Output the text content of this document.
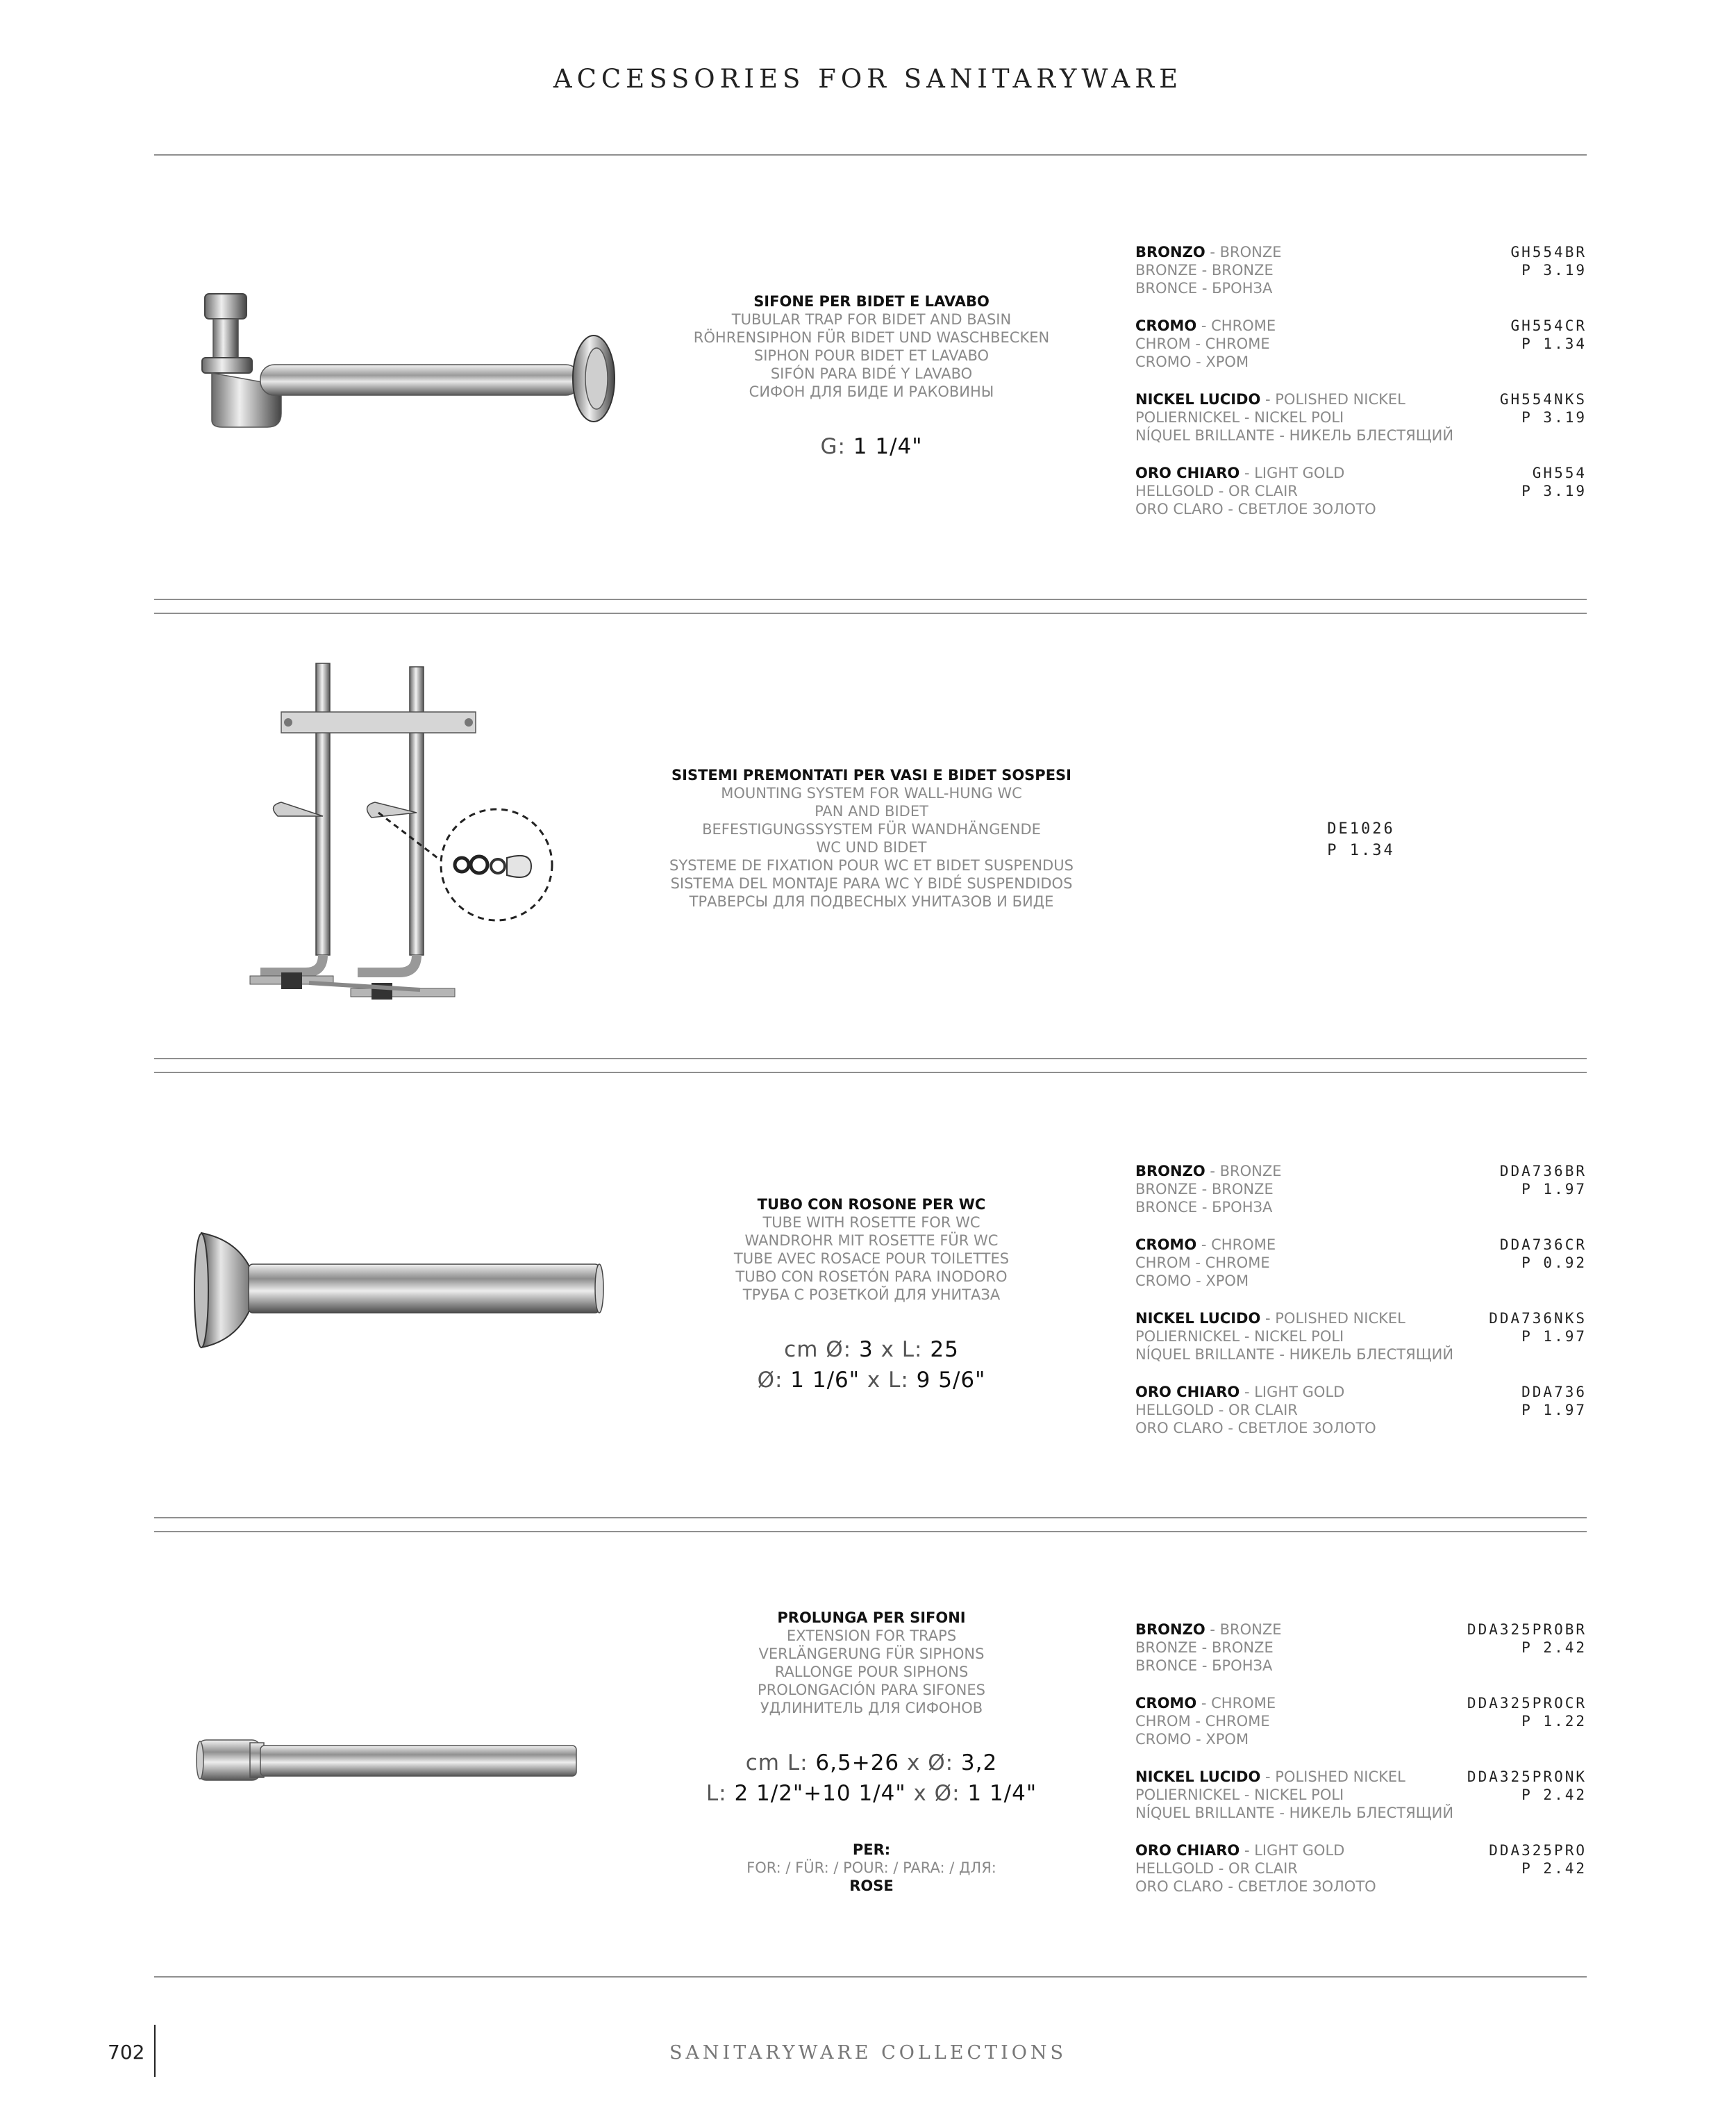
ACCESSORIES FOR SANITARYWARE
SIFONE PER BIDET E LAVABO
TUBULAR TRAP FOR BIDET AND BASIN
RÖHRENSIPHON FÜR BIDET UND WASCHBECKEN
SIPHON POUR BIDET ET LAVABO
SIFÓN PARA BIDÉ Y LAVABO
СИФОН ДЛЯ БИДЕ И РАКОВИНЫ
G: 1 1/4"
BRONZO - BRONZE
BRONZE - BRONZE
BRONCE - БРОНЗА
GH554BR
P 3.19
CROMO - CHROME
CHROM - CHROME
CROMO - ХРОМ
GH554CR
P 1.34
NICKEL LUCIDO - POLISHED NICKEL
POLIERNICKEL - NICKEL POLI
NÍQUEL BRILLANTE - НИКЕЛЬ БЛЕСТЯЩИЙ
GH554NKS
P 3.19
ORO CHIARO - LIGHT GOLD
HELLGOLD - OR CLAIR
ORO CLARO - СВЕТЛОЕ ЗОЛОТО
GH554
P 3.19
SISTEMI PREMONTATI PER VASI E BIDET SOSPESI
MOUNTING SYSTEM FOR WALL-HUNG WC
PAN AND BIDET
BEFESTIGUNGSSYSTEM FÜR WANDHÄNGENDE
WC UND BIDET
SYSTEME DE FIXATION POUR WC ET BIDET SUSPENDUS
SISTEMA DEL MONTAJE PARA WC Y BIDÉ SUSPENDIDOS
ТРАВЕРСЫ ДЛЯ ПОДВЕСНЫХ УНИТАЗОВ И БИДЕ
DE1026
P 1.34
TUBO CON ROSONE PER WC
TUBE WITH ROSETTE FOR WC
WANDROHR MIT ROSETTE FÜR WC
TUBE AVEC ROSACE POUR TOILETTES
TUBO CON ROSETÓN PARA INODORO
ТРУБА С РОЗЕТКОЙ ДЛЯ УНИТАЗА
cm Ø: 3 x L: 25
Ø: 1 1/6" x L: 9 5/6"
BRONZO - BRONZE
BRONZE - BRONZE
BRONCE - БРОНЗА
DDA736BR
P 1.97
CROMO - CHROME
CHROM - CHROME
CROMO - ХРОМ
DDA736CR
P 0.92
NICKEL LUCIDO - POLISHED NICKEL
POLIERNICKEL - NICKEL POLI
NÍQUEL BRILLANTE - НИКЕЛЬ БЛЕСТЯЩИЙ
DDA736NKS
P 1.97
ORO CHIARO - LIGHT GOLD
HELLGOLD - OR CLAIR
ORO CLARO - СВЕТЛОЕ ЗОЛОТО
DDA736
P 1.97
PROLUNGA PER SIFONI
EXTENSION FOR TRAPS
VERLÄNGERUNG FÜR SIPHONS
RALLONGE POUR SIPHONS
PROLONGACIÓN PARA SIFONES
УДЛИНИТЕЛЬ ДЛЯ СИФОНОВ
cm L: 6,5+26 x Ø: 3,2
L: 2 1/2"+10 1/4" x Ø: 1 1/4"
PER:
FOR: / FÜR: / POUR: / PARA: / ДЛЯ:
ROSE
BRONZO - BRONZE
BRONZE - BRONZE
BRONCE - БРОНЗА
DDA325PROBR
P 2.42
CROMO - CHROME
CHROM - CHROME
CROMO - ХРОМ
DDA325PROCR
P 1.22
NICKEL LUCIDO - POLISHED NICKEL
POLIERNICKEL - NICKEL POLI
NÍQUEL BRILLANTE - НИКЕЛЬ БЛЕСТЯЩИЙ
DDA325PRONK
P 2.42
ORO CHIARO - LIGHT GOLD
HELLGOLD - OR CLAIR
ORO CLARO - СВЕТЛОЕ ЗОЛОТО
DDA325PRO
P 2.42
702	SANITARYWARE COLLECTIONS
